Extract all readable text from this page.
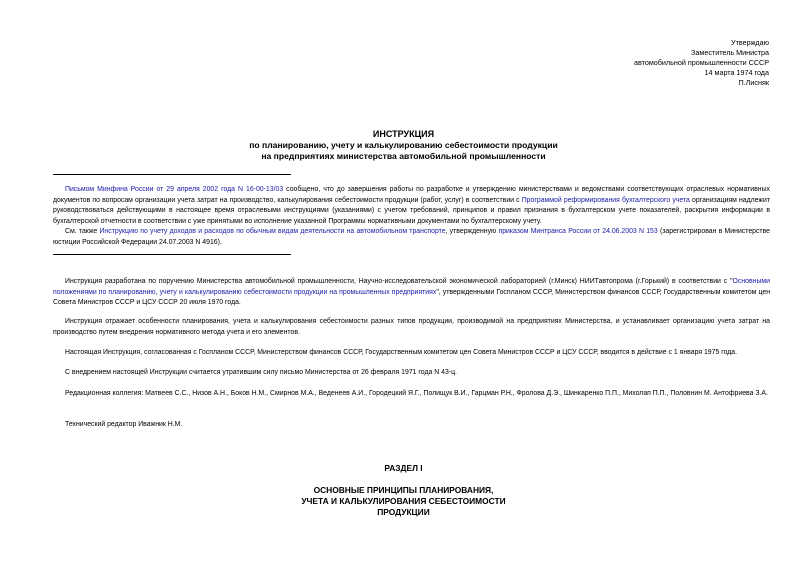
Утверждаю
Заместитель Министра
автомобильной промышленности СССР
14 марта 1974 года
П.Лисняк
ИНСТРУКЦИЯ
по планированию, учету и калькулированию себестоимости продукции
на предприятиях министерства автомобильной промышленности

Письмом Минфина России от 29 апреля 2002 года N 16-00-13/03 сообщено, что до завершения работы по разработке и утверждению министерствами и ведомствами соответствующих отраслевых нормативных документов по вопросам организации учета затрат на производство, калькулирования себестоимости продукции (работ, услуг) в соответствии с Программой реформирования бухгалтерского учета организациям надлежит руководствоваться действующими в настоящее время отраслевыми инструкциями (указаниями) с учетом требований, принципов и правил признания в бухгалтерском учете показателей, раскрытия информации в бухгалтерской отчетности в соответствии с уже принятыми во исполнение указанной Программы нормативными документами по бухгалтерскому учету.

См. также Инструкцию по учету доходов и расходов по обычным видам деятельности на автомобильном транспорте, утвержденную приказом Минтранса России от 24.06.2003 N 153 (зарегистрирован в Министерстве юстиции Российской Федерации 24.07.2003 N 4916).

Инструкция разработана по поручению Министерства автомобильной промышленности, Научно-исследовательской экономической лабораторией (г.Минск) НИИТавтопрома (г.Горький) в соответствии с "Основными положениями по планированию, учету и калькулированию себестоимости продукции на промышленных предприятиях", утвержденными Госпланом СССР, Министерством финансов СССР, Государственным комитетом цен Совета Министров СССР и ЦСУ СССР 20 июля 1970 года.

Инструкция отражает особенности планирования, учета и калькулирования себестоимости разных типов продукции, производимой на предприятиях Министерства, и устанавливает организацию учета затрат на производство путем внедрения нормативного метода учета и его элементов.

Настоящая Инструкция, согласованная с Госпланом СССР, Министерством финансов СССР, Государственным комитетом цен Совета Министров СССР и ЦСУ СССР, вводится в действие с 1 января 1975 года.

С внедрением настоящей Инструкции считается утратившим силу письмо Министерства от 26 февраля 1971 года N 43-ц.

Редакционная коллегия: Матвеев С.С., Низов А.Н., Боков Н.М., Смирнов М.А., Веденеев А.И., Городецкий Я.Г., Полищук В.И., Гарцман Р.Н., Фролова Д.Э., Шинкаренко П.П., Михолап П.П., Половнин М. Антофриева З.А.

Технический редактор Иважник Н.М.

РАЗДЕЛ I
ОСНОВНЫЕ ПРИНЦИПЫ ПЛАНИРОВАНИЯ,
УЧЕТА И КАЛЬКУЛИРОВАНИЯ СЕБЕСТОИМОСТИ
ПРОДУКЦИИ
